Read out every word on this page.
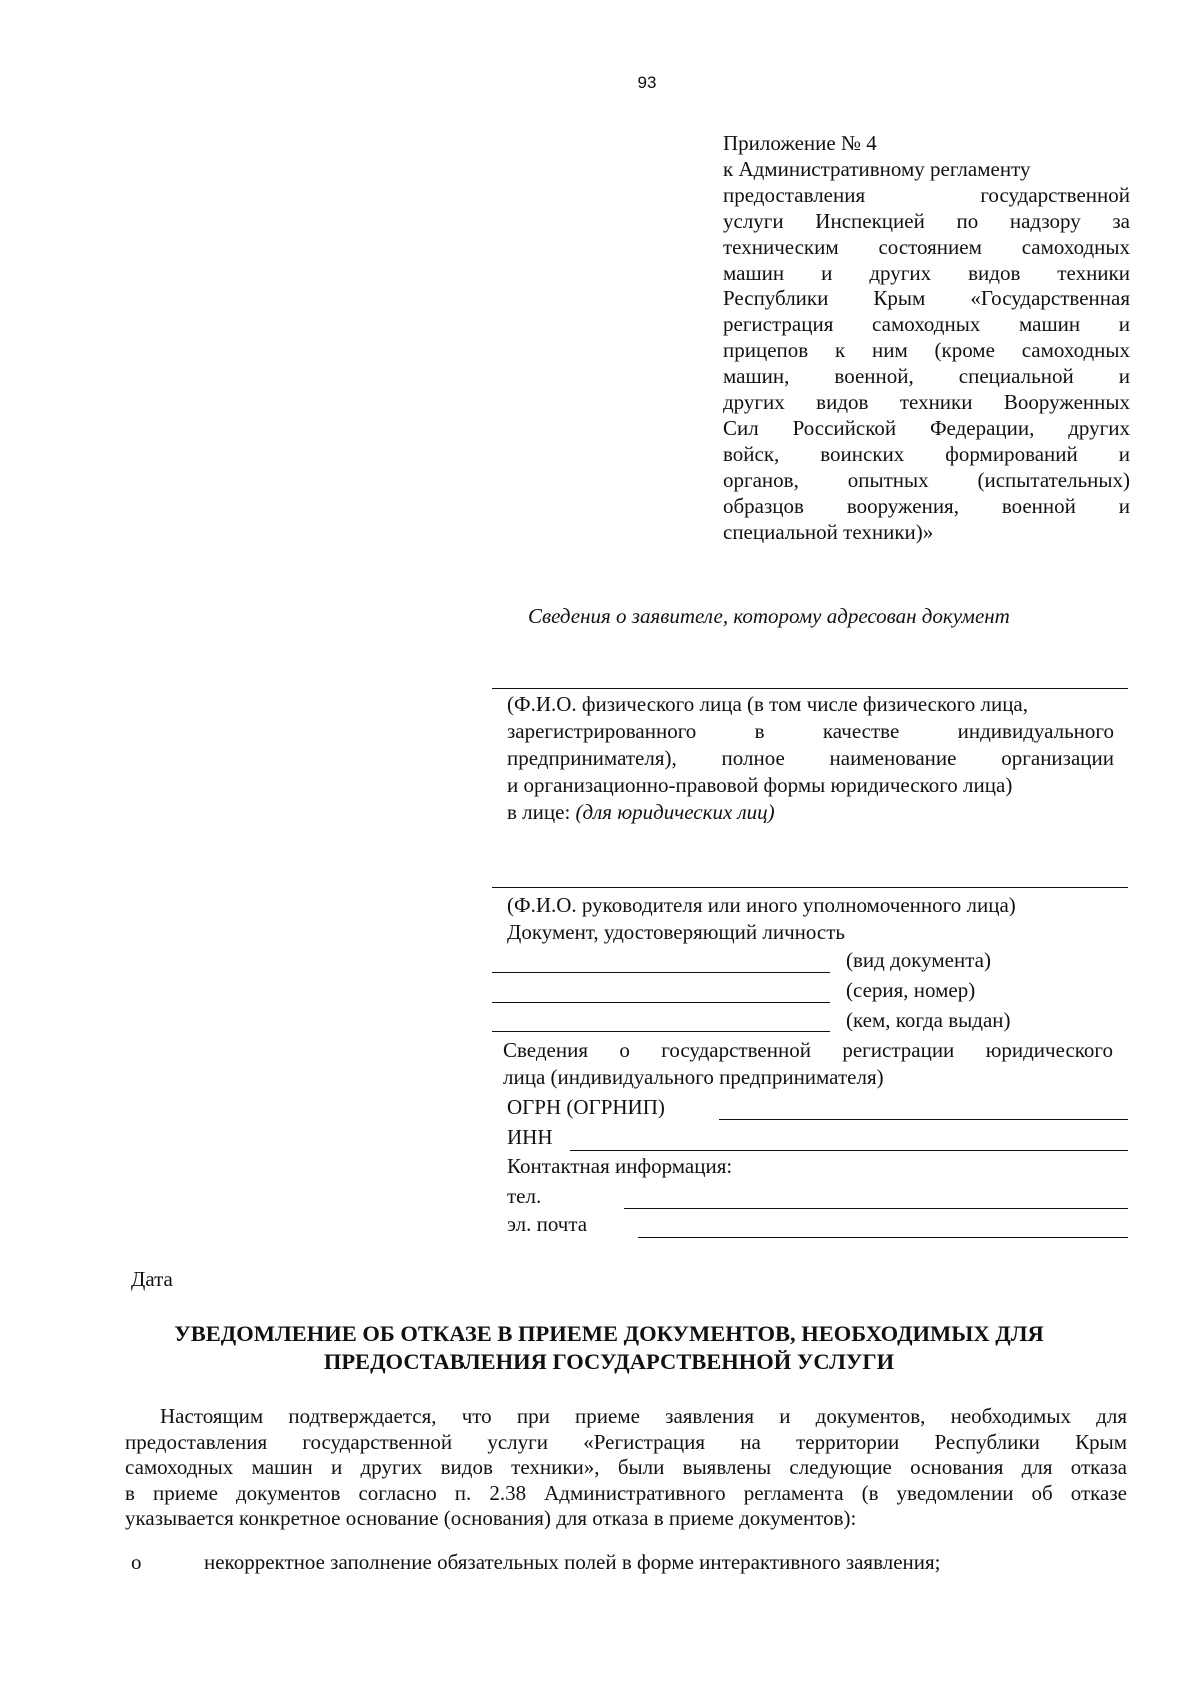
93
Приложение № 4
к Административному регламенту
предоставления государственной
услуги Инспекцией по надзору за
техническим состоянием самоходных
машин и других видов техники
Республики Крым «Государственная
регистрация самоходных машин и
прицепов к ним (кроме самоходных
машин, военной, специальной и
других видов техники Вооруженных
Сил Российской Федерации, других
войск, воинских формирований и
органов, опытных (испытательных)
образцов вооружения, военной и
специальной техники)»
Сведения о заявителе, которому адресован документ
(Ф.И.О. физического лица (в том числе физического лица,
зарегистрированного в качестве индивидуального
предпринимателя), полное наименование организации
и организационно-правовой формы юридического лица)
в лице: (для юридических лиц)
(Ф.И.О. руководителя или иного уполномоченного лица)
Документ, удостоверяющий личность
(вид документа)
(серия, номер)
(кем, когда выдан)
Сведения о государственной регистрации юридического
лица (индивидуального предпринимателя)
ОГРН (ОГРНИП)
ИНН
Контактная информация:
тел.
эл. почта
Дата
УВЕДОМЛЕНИЕ ОБ ОТКАЗЕ В ПРИЕМЕ ДОКУМЕНТОВ, НЕОБХОДИМЫХ ДЛЯ
ПРЕДОСТАВЛЕНИЯ ГОСУДАРСТВЕННОЙ УСЛУГИ
Настоящим подтверждается, что при приеме заявления и документов, необходимых для
предоставления государственной услуги «Регистрация на территории Республики Крым
самоходных машин и других видов техники», были выявлены следующие основания для отказа
в приеме документов согласно п. 2.38 Административного регламента (в уведомлении об отказе
указывается конкретное основание (основания) для отказа в приеме документов):
o	некорректное заполнение обязательных полей в форме интерактивного заявления;
